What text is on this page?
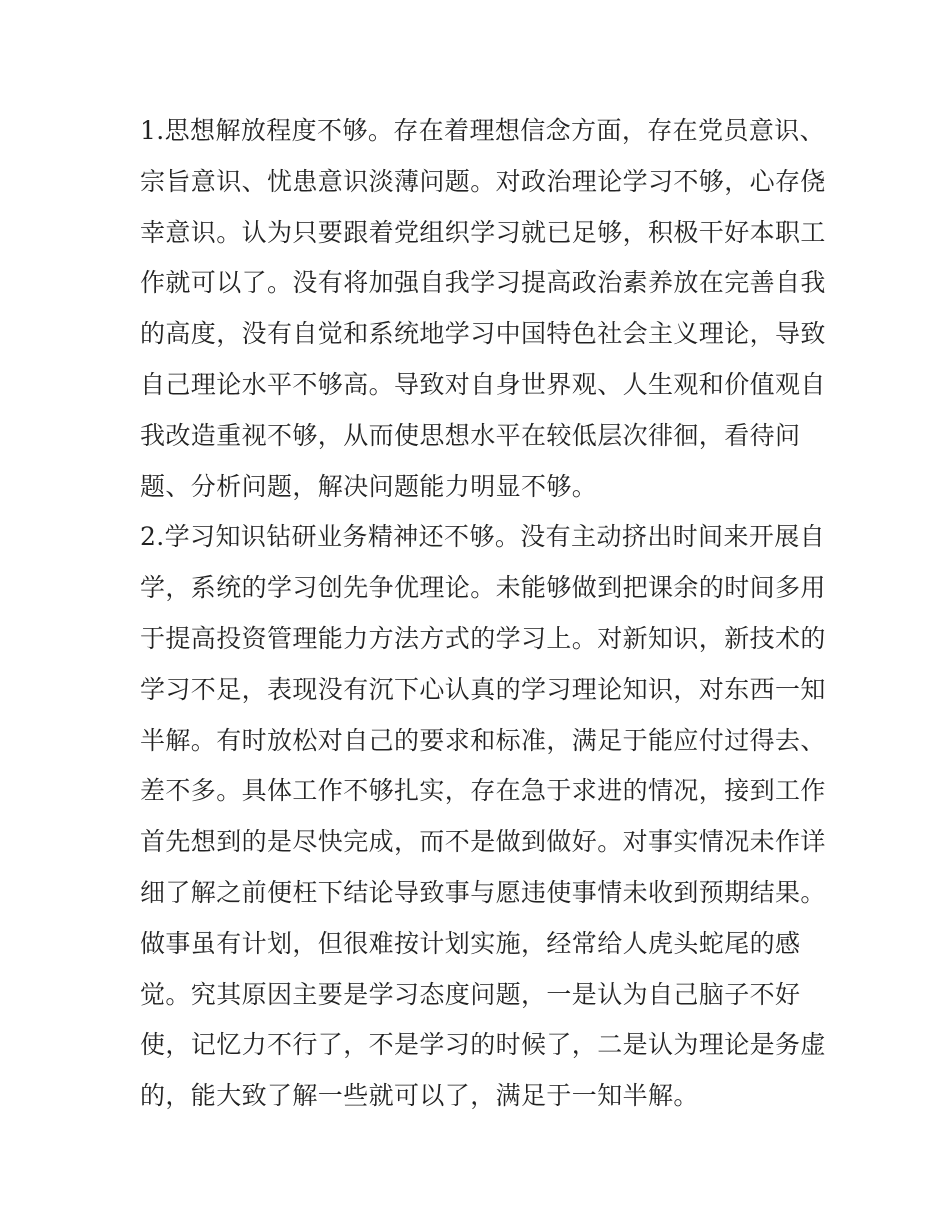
1.思想解放程度不够。存在着理想信念方面，存在党员意识、
宗旨意识、忧患意识淡薄问题。对政治理论学习不够，心存侥
幸意识。认为只要跟着党组织学习就已足够，积极干好本职工
作就可以了。没有将加强自我学习提高政治素养放在完善自我
的高度，没有自觉和系统地学习中国特色社会主义理论，导致
自己理论水平不够高。导致对自身世界观、人生观和价值观自
我改造重视不够，从而使思想水平在较低层次徘徊，看待问
题、分析问题，解决问题能力明显不够。
2.学习知识钻研业务精神还不够。没有主动挤出时间来开展自
学，系统的学习创先争优理论。未能够做到把课余的时间多用
于提高投资管理能力方法方式的学习上。对新知识，新技术的
学习不足，表现没有沉下心认真的学习理论知识，对东西一知
半解。有时放松对自己的要求和标准，满足于能应付过得去、
差不多。具体工作不够扎实，存在急于求进的情况，接到工作
首先想到的是尽快完成，而不是做到做好。对事实情况未作详
细了解之前便枉下结论导致事与愿违使事情未收到预期结果。
做事虽有计划，但很难按计划实施，经常给人虎头蛇尾的感
觉。究其原因主要是学习态度问题，一是认为自己脑子不好
使，记忆力不行了，不是学习的时候了，二是认为理论是务虚
的，能大致了解一些就可以了，满足于一知半解。
